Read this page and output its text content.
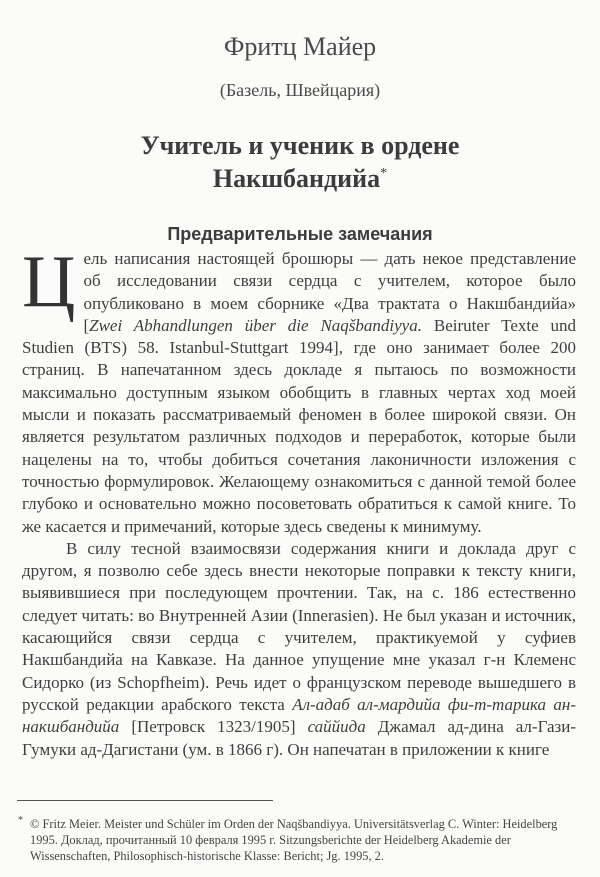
Фритц Майер
(Базель, Швейцария)
Учитель и ученик в ордене
Накшбандийа*
Предварительные замечания

Цель написания настоящей брошюры — дать некое представление об исследовании связи сердца с учителем, которое было опубликовано в моем сборнике «Два трактата о Накшбандийа» [Zwei Abhandlungen über die Naqšbandiyya. Beiruter Texte und Studien (BTS) 58. Istanbul-Stuttgart 1994], где оно занимает более 200 страниц. В напечатанном здесь докладе я пытаюсь по возможности максимально доступным языком обобщить в главных чертах ход моей мысли и показать рассматриваемый феномен в более широкой связи. Он является результатом различных подходов и переработок, которые были нацелены на то, чтобы добиться сочетания лаконичности изложения с точностью формулировок. Желающему ознакомиться с данной темой более глубоко и основательно можно посоветовать обратиться к самой книге. То же касается и примечаний, которые здесь сведены к минимуму.

В силу тесной взаимосвязи содержания книги и доклада друг с другом, я позволю себе здесь внести некоторые поправки к тексту книги, выявившиеся при последующем прочтении. Так, на с. 186 естественно следует читать: во Внутренней Азии (Innerasien). Не был указан и источник, касающийся связи сердца с учителем, практикуемой у суфиев Накшбандийа на Кавказе. На данное упущение мне указал г-н Клеменс Сидорко (из Schopfheim). Речь идет о французском переводе вышедшего в русской редакции арабского текста Ал-адаб ал-мардийа фи-т-тарика ан-накшбандийа [Петровск 1323/1905] саййида Джамал ад-дина ал-Гази-Гумуки ад-Дагистани (ум. в 1866 г). Он напечатан в приложении к книге

* © Fritz Meier. Meister und Schüler im Orden der Naqšbandiyya. Universitätsverlag C. Winter: Heidelberg 1995. Доклад, прочитанный 10 февраля 1995 г. Sitzungsberichte der Heidelberg Akademie der Wissenschaften, Philosophisch-historische Klasse: Bericht; Jg. 1995, 2.
